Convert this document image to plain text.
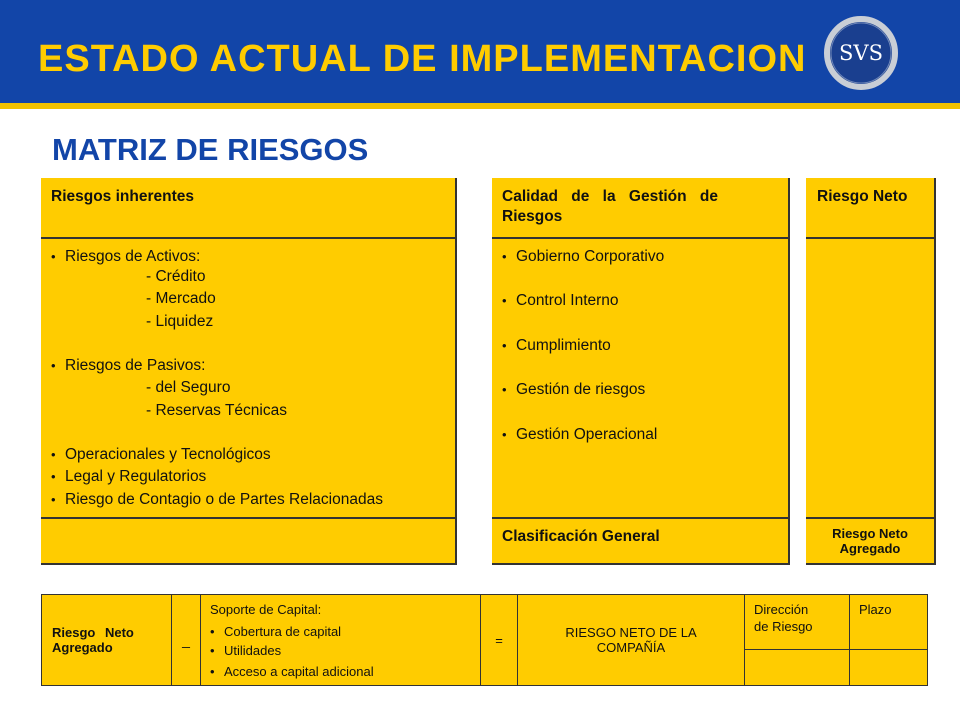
ESTADO ACTUAL DE IMPLEMENTACION SVS
MATRIZ DE RIESGOS
Riesgos inherentes
• Riesgos de Activos:
- Crédito
- Mercado
- Liquidez
• Riesgos de Pasivos:
- del Seguro
- Reservas Técnicas
• Operacionales y Tecnológicos
• Legal y Regulatorios
• Riesgo de Contagio o de Partes Relacionadas
Calidad de la Gestión de
Riesgos
• Gobierno Corporativo
• Control Interno
• Cumplimiento
• Gestión de riesgos
• Gestión Operacional
Clasificación General
Riesgo Neto
Riesgo Neto
Agregado
Riesgo Neto
Agregado	_
Soporte de Capital:
• Cobertura de capital
• Utilidades
• Acceso a capital adicional
=	RIESGO NETO DE LA
COMPAÑÍA
Dirección
de Riesgo
Plazo
